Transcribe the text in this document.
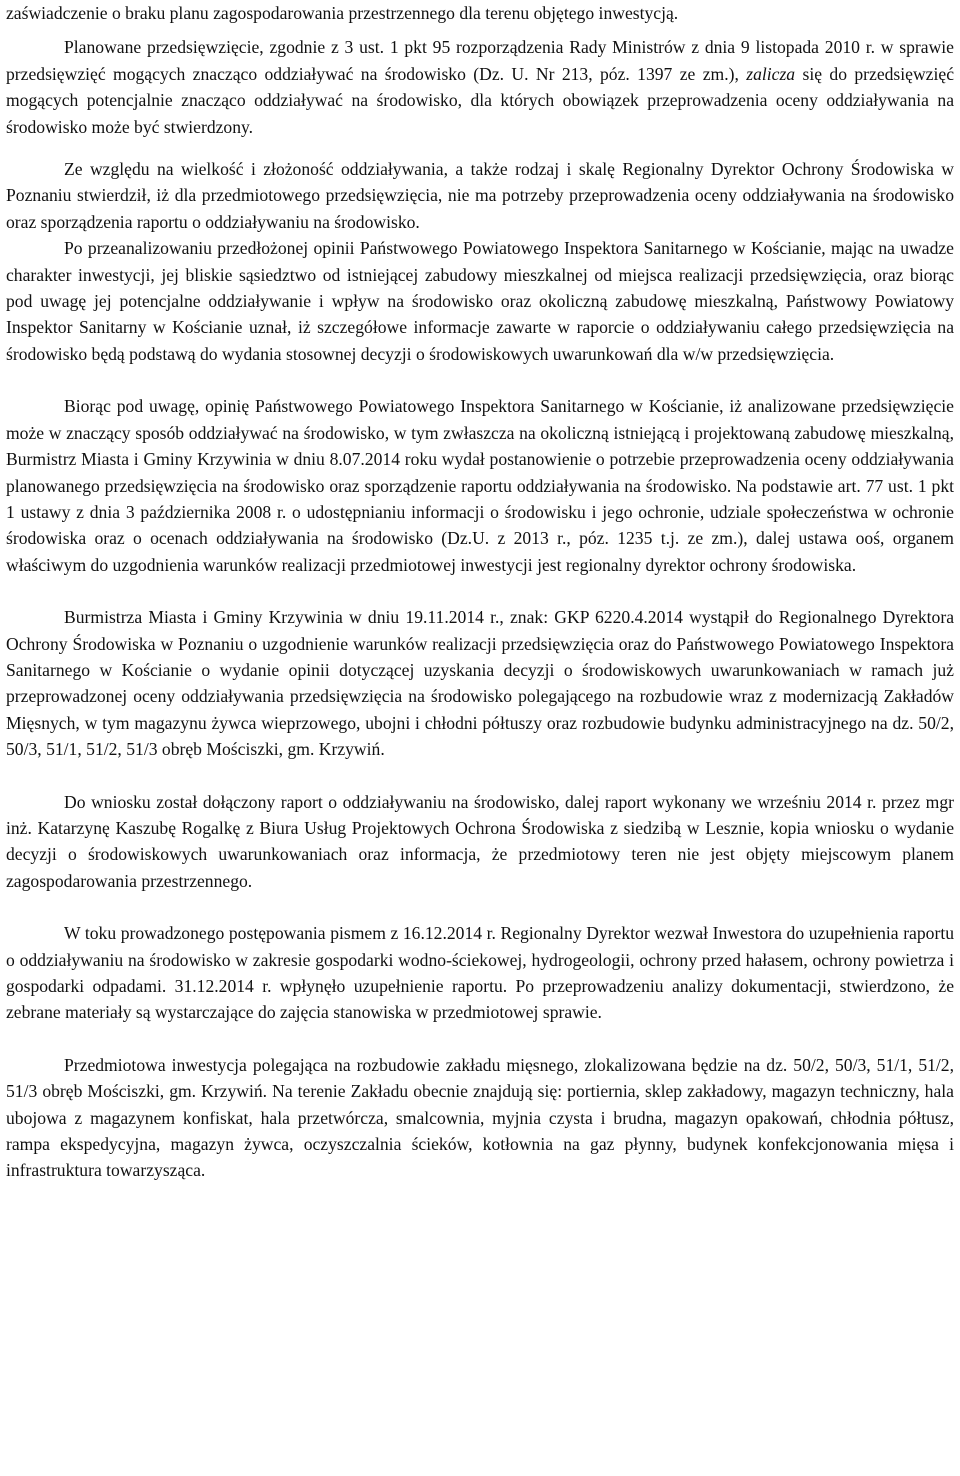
zaświadczenie o braku planu zagospodarowania przestrzennego dla terenu objętego inwestycją.

Planowane przedsięwzięcie, zgodnie z 3 ust. 1 pkt 95 rozporządzenia Rady Ministrów z dnia 9 listopada 2010 r. w sprawie przedsięwzięć mogących znacząco oddziaływać na środowisko (Dz. U. Nr 213, póz. 1397 ze zm.), zalicza się do przedsięwzięć mogących potencjalnie znacząco oddziaływać na środowisko, dla których obowiązek przeprowadzenia oceny oddziaływania na środowisko może być stwierdzony.

Ze względu na wielkość i złożoność oddziaływania, a także rodzaj i skalę Regionalny Dyrektor Ochrony Środowiska w Poznaniu stwierdził, iż dla przedmiotowego przedsięwzięcia, nie ma potrzeby przeprowadzenia oceny oddziaływania na środowisko oraz sporządzenia raportu o oddziaływaniu na środowisko.

Po przeanalizowaniu przedłożonej opinii Państwowego Powiatowego Inspektora Sanitarnego w Kościanie, mając na uwadze charakter inwestycji, jej bliskie sąsiedztwo od istniejącej zabudowy mieszkalnej od miejsca realizacji przedsięwzięcia, oraz biorąc pod uwagę jej potencjalne oddziaływanie i wpływ na środowisko oraz okoliczną zabudowę mieszkalną, Państwowy Powiatowy Inspektor Sanitarny w Kościanie uznał, iż szczegółowe informacje zawarte w raporcie o oddziaływaniu całego przedsięwzięcia na środowisko będą podstawą do wydania stosownej decyzji o środowiskowych uwarunkowań dla w/w przedsięwzięcia.

Biorąc pod uwagę, opinię Państwowego Powiatowego Inspektora Sanitarnego w Kościanie, iż analizowane przedsięwzięcie może w znaczący sposób oddziaływać na środowisko, w tym zwłaszcza na okoliczną istniejącą i projektowaną zabudowę mieszkalną, Burmistrz Miasta i Gminy Krzywinia w dniu 8.07.2014 roku wydał postanowienie o potrzebie przeprowadzenia oceny oddziaływania planowanego przedsięwzięcia na środowisko oraz sporządzenie raportu oddziaływania na środowisko. Na podstawie art. 77 ust. 1 pkt 1 ustawy z dnia 3 października 2008 r. o udostępnianiu informacji o środowisku i jego ochronie, udziale społeczeństwa w ochronie środowiska oraz o ocenach oddziaływania na środowisko (Dz.U. z 2013 r., póz. 1235 t.j. ze zm.), dalej ustawa ooś, organem właściwym do uzgodnienia warunków realizacji przedmiotowej inwestycji jest regionalny dyrektor ochrony środowiska.

Burmistrza Miasta i Gminy Krzywinia w dniu 19.11.2014 r., znak: GKP 6220.4.2014 wystąpił do Regionalnego Dyrektora Ochrony Środowiska w Poznaniu o uzgodnienie warunków realizacji przedsięwzięcia oraz do Państwowego Powiatowego Inspektora Sanitarnego w Kościanie o wydanie opinii dotyczącej uzyskania decyzji o środowiskowych uwarunkowaniach w ramach już przeprowadzonej oceny oddziaływania przedsięwzięcia na środowisko polegającego na rozbudowie wraz z modernizacją Zakładów Mięsnych, w tym magazynu żywca wieprzowego, ubojni i chłodni półtuszy oraz rozbudowie budynku administracyjnego na dz. 50/2, 50/3, 51/1, 51/2, 51/3 obręb Mościszki, gm. Krzywiń.

Do wniosku został dołączony raport o oddziaływaniu na środowisko, dalej raport wykonany we wrześniu 2014 r. przez mgr inż. Katarzynę Kaszubę Rogalkę z Biura Usług Projektowych Ochrona Środowiska z siedzibą w Lesznie, kopia wniosku o wydanie decyzji o środowiskowych uwarunkowaniach oraz informacja, że przedmiotowy teren nie jest objęty miejscowym planem zagospodarowania przestrzennego.

W toku prowadzonego postępowania pismem z 16.12.2014 r. Regionalny Dyrektor wezwał Inwestora do uzupełnienia raportu o oddziaływaniu na środowisko w zakresie gospodarki wodno-ściekowej, hydrogeologii, ochrony przed hałasem, ochrony powietrza i gospodarki odpadami. 31.12.2014 r. wpłynęło uzupełnienie raportu. Po przeprowadzeniu analizy dokumentacji, stwierdzono, że zebrane materiały są wystarczające do zajęcia stanowiska w przedmiotowej sprawie.

Przedmiotowa inwestycja polegająca na rozbudowie zakładu mięsnego, zlokalizowana będzie na dz. 50/2, 50/3, 51/1, 51/2, 51/3 obręb Mościszki, gm. Krzywiń. Na terenie Zakładu obecnie znajdują się: portiernia, sklep zakładowy, magazyn techniczny, hala ubojowa z magazynem konfiskat, hala przetwórcza, smalcownia, myjnia czysta i brudna, magazyn opakowań, chłodnia półtusz, rampa ekspedycyjna, magazyn żywca, oczyszczalnia ścieków, kotłownia na gaz płynny, budynek konfekcjonowania mięsa i infrastruktura towarzysząca.
